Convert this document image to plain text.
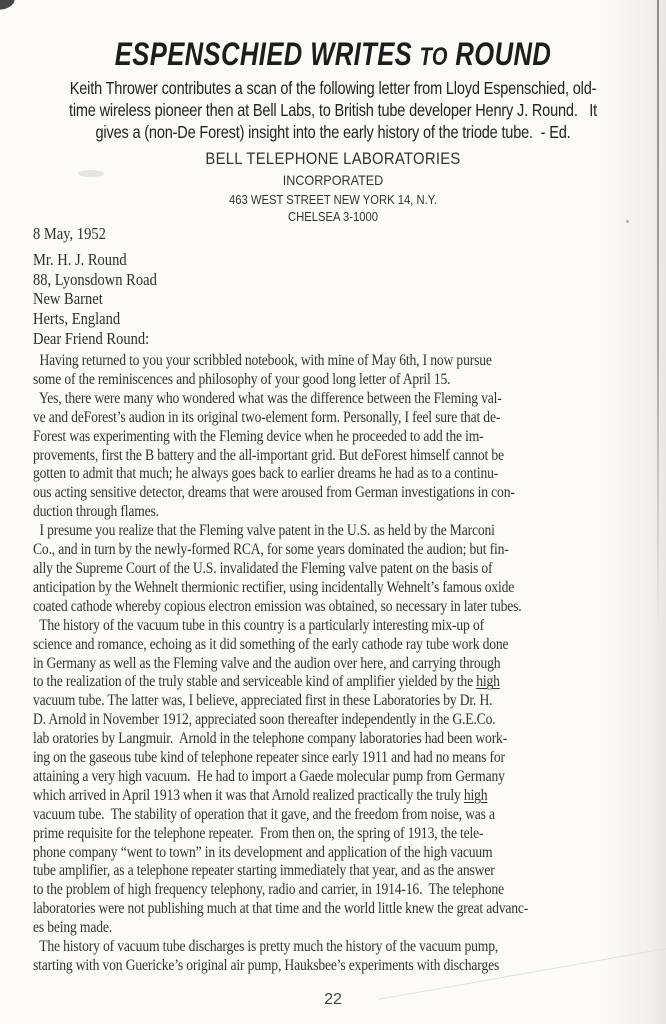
ESPENSCHIED WRITES TO ROUND

Keith Thrower contributes a scan of the following letter from Lloyd Espenschied, old-
time wireless pioneer then at Bell Labs, to British tube developer Henry J. Round.   It
gives a (non-De Forest) insight into the early history of the triode tube.  - Ed.

BELL TELEPHONE LABORATORIES
INCORPORATED
463 WEST STREET NEW YORK 14, N.Y.
CHELSEA 3-1000
8 May, 1952
Mr. H. J. Round
88, Lyonsdown Road
New Barnet
Herts, England
Dear Friend Round:

Having returned to you your scribbled notebook, with mine of May 6th, I now pursue
some of the reminiscences and philosophy of your good long letter of April 15.

Yes, there were many who wondered what was the difference between the Fleming val-
ve and deForest’s audion in its original two-element form. Personally, I feel sure that de-
Forest was experimenting with the Fleming device when he proceeded to add the im-
provements, first the B battery and the all-important grid. But deForest himself cannot be
gotten to admit that much; he always goes back to earlier dreams he had as to a continu-
ous acting sensitive detector, dreams that were aroused from German investigations in con-
duction through flames.

I presume you realize that the Fleming valve patent in the U.S. as held by the Marconi
Co., and in turn by the newly-formed RCA, for some years dominated the audion; but fin-
ally the Supreme Court of the U.S. invalidated the Fleming valve patent on the basis of
anticipation by the Wehnelt thermionic rectifier, using incidentally Wehnelt’s famous oxide
coated cathode whereby copious electron emission was obtained, so necessary in later tubes.

The history of the vacuum tube in this country is a particularly interesting mix-up of
science and romance, echoing as it did something of the early cathode ray tube work done
in Germany as well as the Fleming valve and the audion over here, and carrying through
to the realization of the truly stable and serviceable kind of amplifier yielded by the high
vacuum tube. The latter was, I believe, appreciated first in these Laboratories by Dr. H.
D. Arnold in November 1912, appreciated soon thereafter independently in the G.E.Co.
lab oratories by Langmuir.  Arnold in the telephone company laboratories had been work-
ing on the gaseous tube kind of telephone repeater since early 1911 and had no means for
attaining a very high vacuum.  He had to import a Gaede molecular pump from Germany
which arrived in April 1913 when it was that Arnold realized practically the truly high
vacuum tube.  The stability of operation that it gave, and the freedom from noise, was a
prime requisite for the telephone repeater.  From then on, the spring of 1913, the tele-
phone company “went to town” in its development and application of the high vacuum
tube amplifier, as a telephone repeater starting immediately that year, and as the answer
to the problem of high frequency telephony, radio and carrier, in 1914-16.  The telephone
laboratories were not publishing much at that time and the world little knew the great advanc-
es being made.

The history of vacuum tube discharges is pretty much the history of the vacuum pump,
starting with von Guericke’s original air pump, Hauksbee’s experiments with discharges

22
